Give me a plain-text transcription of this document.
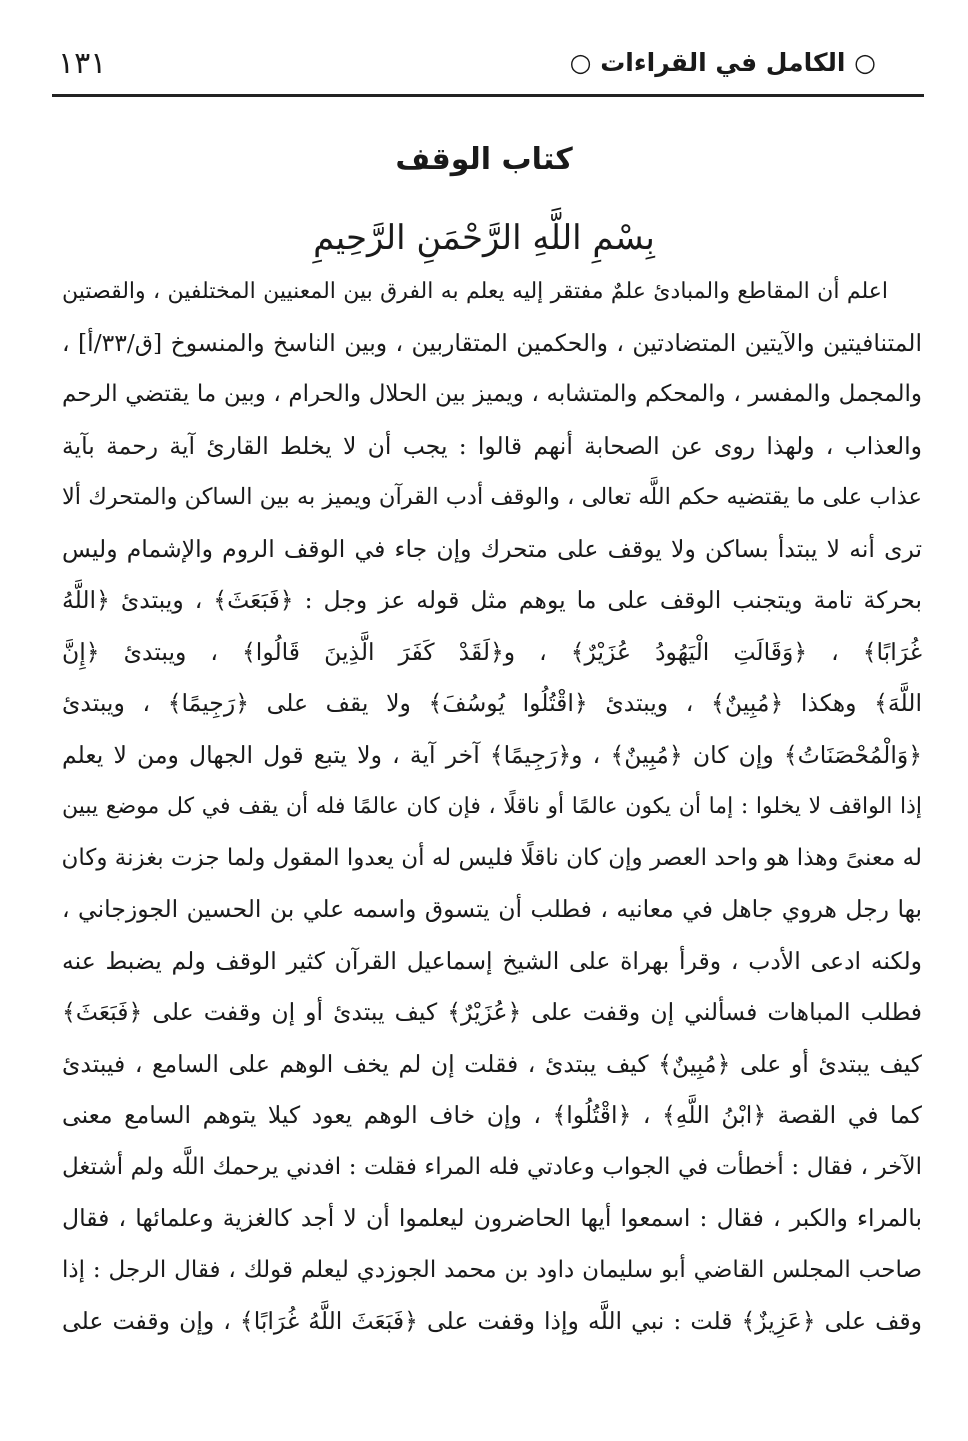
○ الكامل في القراءات ○
١٣١
كتاب الوقف
بِسْمِ اللَّهِ الرَّحْمَنِ الرَّحِيمِ
اعلم أن المقاطع والمبادئ علمٌ مفتقر إليه يعلم به الفرق بين المعنيين المختلفين ، والقصتين
المتنافيتين والآيتين المتضادتين ، والحكمين المتقاربين ، وبين الناسخ والمنسوخ [ق/٣٣/أ] ،
والمجمل والمفسر ، والمحكم والمتشابه ، ويميز بين الحلال والحرام ، وبين ما يقتضي الرحم
والعذاب ، ولهذا روى عن الصحابة أنهم قالوا : يجب أن لا يخلط القارئ آية رحمة بآية
عذاب على ما يقتضيه حكم اللَّه تعالى ، والوقف أدب القرآن ويميز به بين الساكن والمتحرك ألا
ترى أنه لا يبتدأ بساكن ولا يوقف على متحرك وإن جاء في الوقف الروم والإشمام وليس
بحركة تامة ويتجنب الوقف على ما يوهم مثل قوله عز وجل : ﴿فَبَعَثَ﴾ ، ويبتدئ ﴿اللَّهُ
غُرَابًا﴾ ، ﴿وَقَالَتِ الْيَهُودُ عُزَيْرٌ﴾ ، و﴿لَقَدْ كَفَرَ الَّذِينَ قَالُوا﴾ ، ويبتدئ ﴿إِنَّ
اللَّهَ﴾ وهكذا ﴿مُبِينٌ﴾ ، ويبتدئ ﴿اقْتُلُوا يُوسُفَ﴾ ولا يقف على ﴿رَجِيمًا﴾ ، ويبتدئ
﴿وَالْمُحْصَنَاتُ﴾ وإن كان ﴿مُبِينٌ﴾ ، و﴿رَجِيمًا﴾ آخر آية ، ولا يتبع قول الجهال ومن لا يعلم
إذا الواقف لا يخلوا : إما أن يكون عالمًا أو ناقلًا ، فإن كان عالمًا فله أن يقف في كل موضع يبين
له معنىً وهذا هو واحد العصر وإن كان ناقلًا فليس له أن يعدوا المقول ولما جزت بغزنة وكان
بها رجل هروي جاهل في معانيه ، فطلب أن يتسوق واسمه علي بن الحسين الجوزجاني ،
ولكنه ادعى الأدب ، وقرأ بهراة على الشيخ إسماعيل القرآن كثير الوقف ولم يضبط عنه
فطلب المباهات فسألني إن وقفت على ﴿عُزَيْرٌ﴾ كيف يبتدئ أو إن وقفت على ﴿فَبَعَثَ﴾
كيف يبتدئ أو على ﴿مُبِينٌ﴾ كيف يبتدئ ، فقلت إن لم يخف الوهم على السامع ، فيبتدئ
كما في القصة ﴿ابْنُ اللَّهِ﴾ ، ﴿اقْتُلُوا﴾ ، وإن خاف الوهم يعود كيلا يتوهم السامع معنى
الآخر ، فقال : أخطأت في الجواب وعادتي فله المراء فقلت : افدني يرحمك اللَّه ولم أشتغل
بالمراء والكبر ، فقال : اسمعوا أيها الحاضرون ليعلموا أن لا أجد كالغزية وعلمائها ، فقال
صاحب المجلس القاضي أبو سليمان داود بن محمد الجوزدي ليعلم قولك ، فقال الرجل : إذا
وقف على ﴿عَزِيزٌ﴾ قلت : نبي اللَّه وإذا وقفت على ﴿فَبَعَثَ اللَّهُ غُرَابًا﴾ ، وإن وقفت على
